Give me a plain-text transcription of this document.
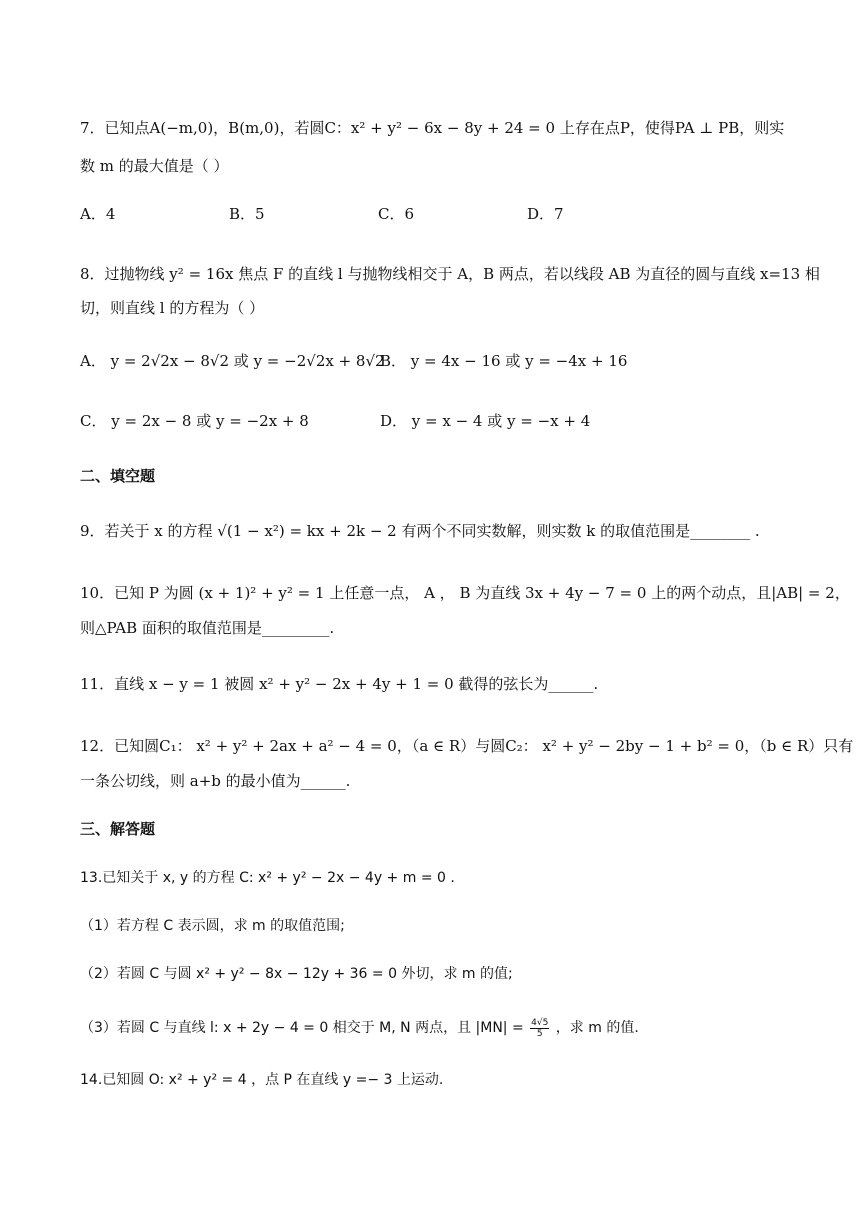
7．已知点A(−m,0)，B(m,0)，若圆C：x² + y² − 6x − 8y + 24 = 0 上存在点P，使得PA ⊥ PB，则实
数 m 的最大值是（ ）
A．4	B．5	C．6	D．7
8．过抛物线 y² = 16x 焦点 F 的直线 l 与抛物线相交于 A，B 两点，若以线段 AB 为直径的圆与直线 x=13 相
切，则直线 l 的方程为（ ）
A． y = 2√2x − 8√2 或 y = −2√2x + 8√2
B． y = 4x − 16 或 y = −4x + 16
C． y = 2x − 8 或 y = −2x + 8	D． y = x − 4 或 y = −x + 4
二、填空题
9．若关于 x 的方程 √(1 − x²) = kx + 2k − 2 有两个不同实数解，则实数 k 的取值范围是________ .
10．已知 P 为圆 (x + 1)² + y² = 1 上任意一点， A ， B 为直线 3x + 4y − 7 = 0 上的两个动点，且|AB| = 2，
则△PAB 面积的取值范围是_________.
11．直线 x − y = 1 被圆 x² + y² − 2x + 4y + 1 = 0 截得的弦长为______.
12．已知圆C₁： x² + y² + 2ax + a² − 4 = 0，（a ∈ R）与圆C₂： x² + y² − 2by − 1 + b² = 0，（b ∈ R）只有
一条公切线，则 a+b 的最小值为______.
三、解答题
13.已知关于 x, y 的方程 C: x² + y² − 2x − 4y + m = 0 .
（1）若方程 C 表示圆，求 m 的取值范围;
（2）若圆 C 与圆 x² + y² − 8x − 12y + 36 = 0 外切，求 m 的值;
（3）若圆 C 与直线 l: x + 2y − 4 = 0 相交于 M, N 两点，且 $|MN| = \frac{4√5}{5}$ ，求 m 的值.
14.已知圆 O: x² + y² = 4 ，点 P 在直线 y =− 3 上运动.
